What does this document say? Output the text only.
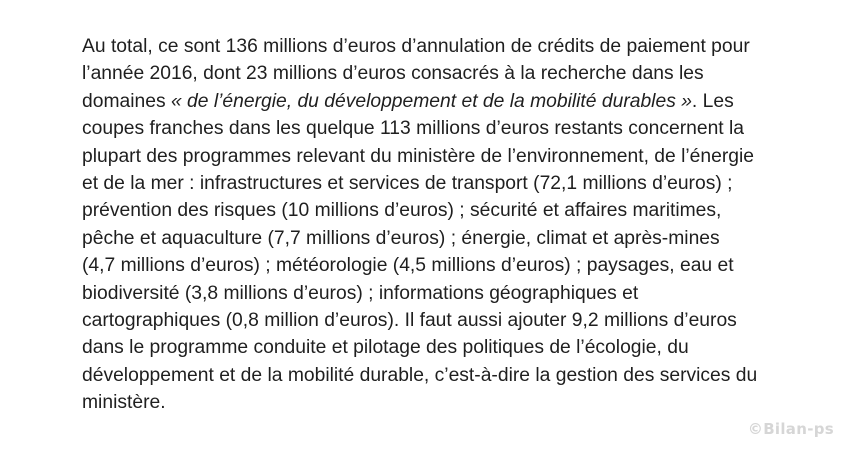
Au total, ce sont 136 millions d’euros d’annulation de crédits de paiement pour
l’année 2016, dont 23 millions d’euros consacrés à la recherche dans les
domaines « de l’énergie, du développement et de la mobilité durables ». Les
coupes franches dans les quelque 113 millions d’euros restants concernent la
plupart des programmes relevant du ministère de l’environnement, de l’énergie
et de la mer : infrastructures et services de transport (72,1 millions d’euros) ;
prévention des risques (10 millions d’euros) ; sécurité et affaires maritimes,
pêche et aquaculture (7,7 millions d’euros) ; énergie, climat et après-mines
(4,7 millions d’euros) ; météorologie (4,5 millions d’euros) ; paysages, eau et
biodiversité (3,8 millions d’euros) ; informations géographiques et
cartographiques (0,8 million d’euros). Il faut aussi ajouter 9,2 millions d’euros
dans le programme conduite et pilotage des politiques de l’écologie, du
développement et de la mobilité durable, c’est-à-dire la gestion des services du
ministère.

©Bilan-ps
